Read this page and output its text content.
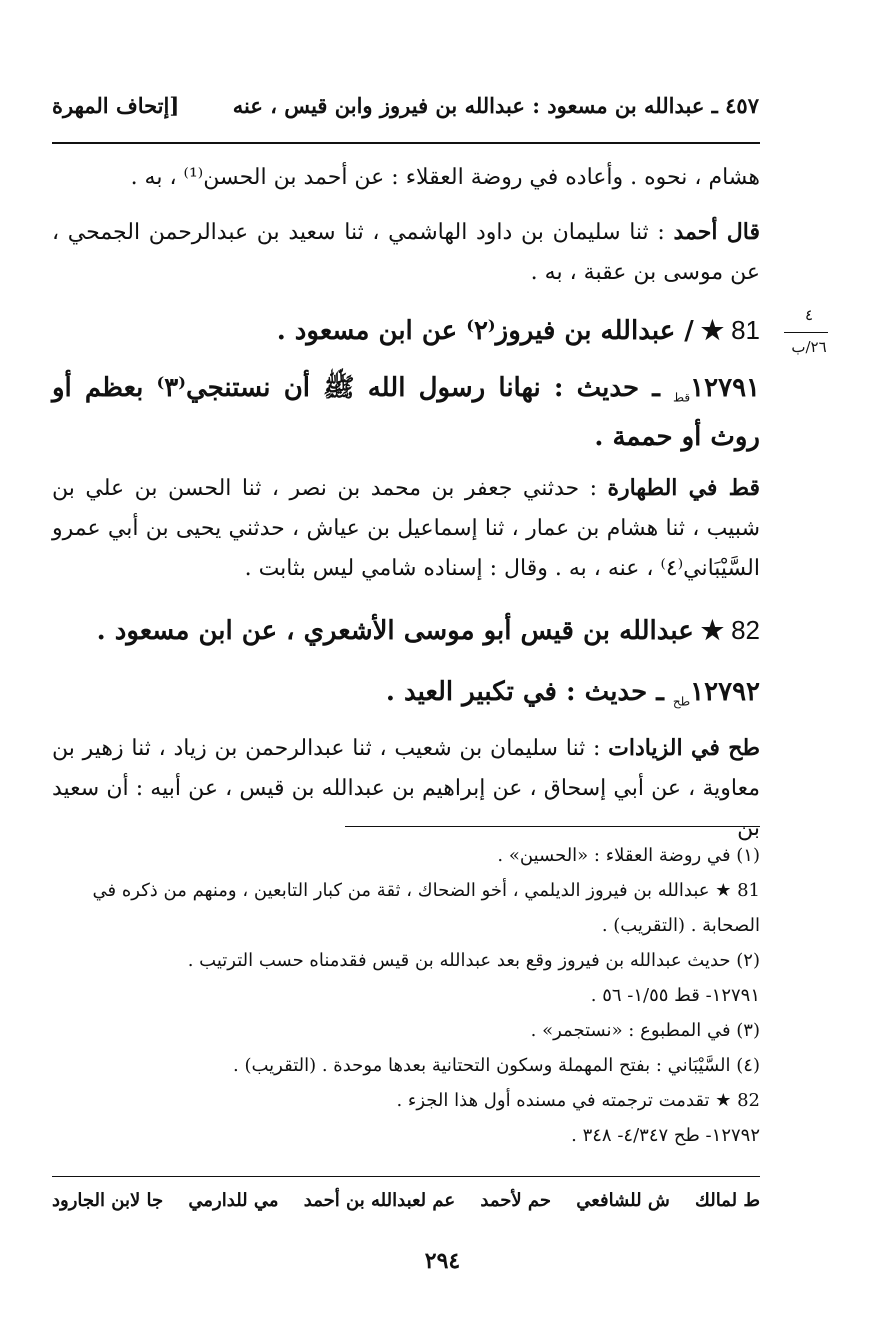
٤٥٧ ـ عبدالله بن مسعود : عبدالله بن فيروز وابن قيس ، عنه
[إتحاف المهرة
٤
٢٦/ب
هشام ، نحوه . وأعاده في روضة العقلاء : عن أحمد بن الحسن⁽¹⁾ ، به .
قال أحمد : ثنا سليمان بن داود الهاشمي ، ثنا سعيد بن عبدالرحمن الجمحي ، عن موسى بن عقبة ، به .
81 ★ / عبدالله بن فيروز⁽٢⁾ عن ابن مسعود .
$١٢٧٩١_{قط}$ ـ حديث : نهانا رسول الله ﷺ أن نستنجي⁽٣⁾ بعظم أو روث أو حممة .
قط في الطهارة : حدثني جعفر بن محمد بن نصر ، ثنا الحسن بن علي بن شبيب ، ثنا هشام بن عمار ، ثنا إسماعيل بن عياش ، حدثني يحيى بن أبي عمرو السَّيْبَاني⁽٤⁾ ، عنه ، به . وقال : إسناده شامي ليس بثابت .
82 ★ عبدالله بن قيس أبو موسى الأشعري ، عن ابن مسعود .
$١٢٧٩٢_{طح}$ ـ حديث : في تكبير العيد .
طح في الزيادات : ثنا سليمان بن شعيب ، ثنا عبدالرحمن بن زياد ، ثنا زهير بن معاوية ، عن أبي إسحاق ، عن إبراهيم بن عبدالله بن قيس ، عن أبيه : أن سعيد بن
(١) في روضة العقلاء : «الحسين» .
81 ★ عبدالله بن فيروز الديلمي ، أخو الضحاك ، ثقة من كبار التابعين ، ومنهم من ذكره في الصحابة . (التقريب) .
(٢) حديث عبدالله بن فيروز وقع بعد عبدالله بن قيس فقدمناه حسب الترتيب .
١٢٧٩١- قط ١/٥٥- ٥٦ .
(٣) في المطبوع : «نستجمر» .
(٤) السَّيْبَاني : بفتح المهملة وسكون التحتانية بعدها موحدة . (التقريب) .
82 ★ تقدمت ترجمته في مسنده أول هذا الجزء .
١٢٧٩٢- طح ٤/٣٤٧- ٣٤٨ .
ط لمالك
ش للشافعي
حم لأحمد
عم لعبدالله بن أحمد
مي للدارمي
جا لابن الجارود
٢٩٤
